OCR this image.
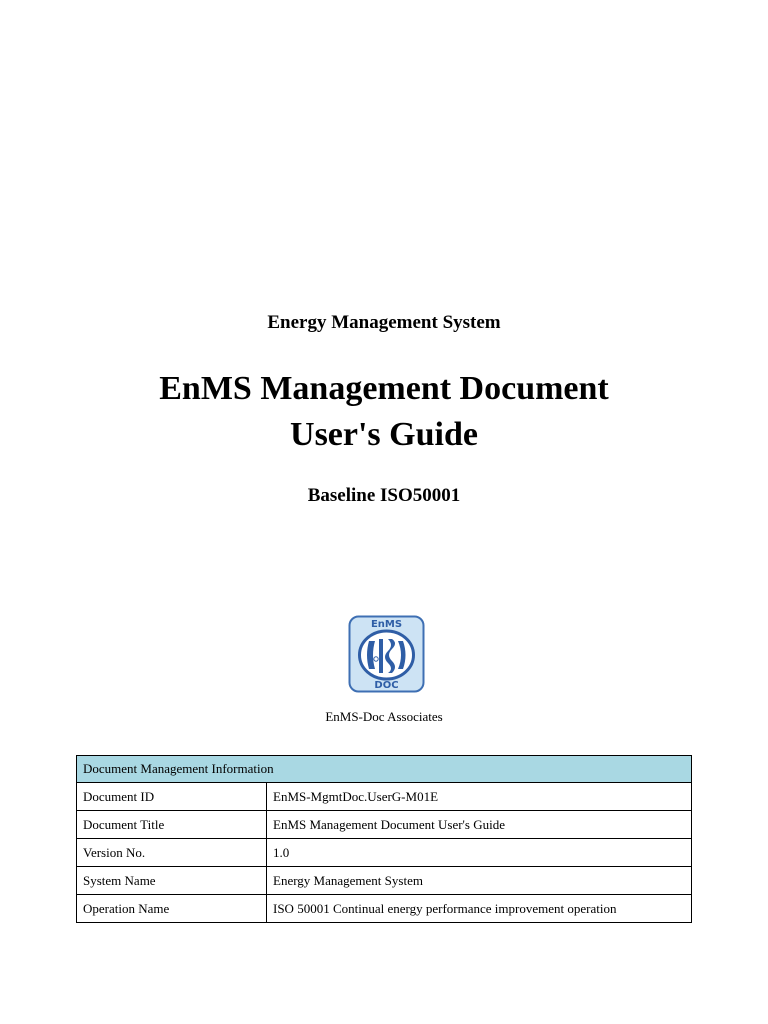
Energy Management System
EnMS Management Document
User's Guide
Baseline ISO50001
EnMS
DOC
EnMS-Doc Associates
Document Management Information	
Document ID	EnMS-MgmtDoc.UserG-M01E
Document Title	EnMS Management Document User's Guide
Version No.	1.0
System Name	Energy Management System
Operation Name	ISO 50001 Continual energy performance improvement operation
